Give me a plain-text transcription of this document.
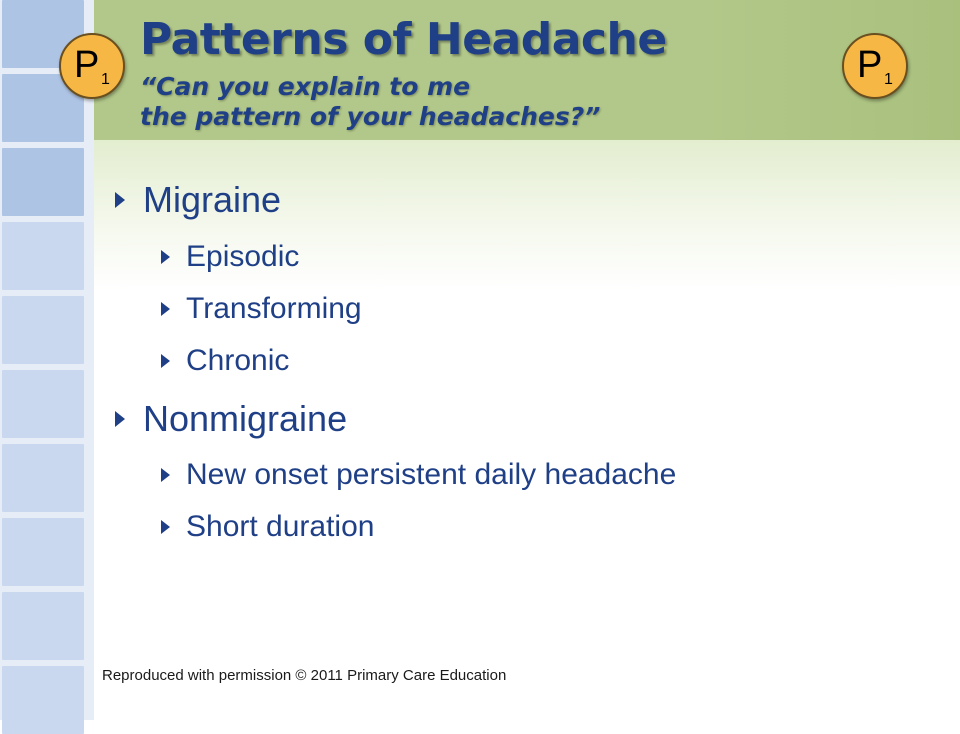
Patterns of Headache
“Can you explain to me
the pattern of your headaches?”
P 1	P 1
Migraine
Episodic
Transforming
Chronic
Nonmigraine
New onset persistent daily headache
Short duration
Reproduced with permission © 2011 Primary Care Education
